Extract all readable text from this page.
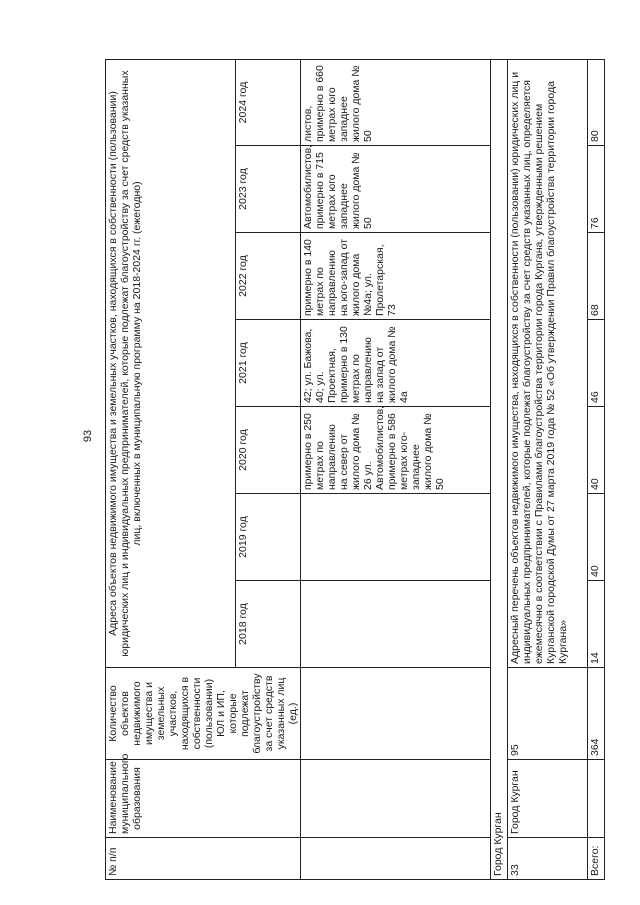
93
№ п/п	Наименование муниципального образования	Количество объектов недвижимого имущества и земельных участков, находящихся в собственности (пользовании) ЮЛ и ИП, которые подлежат благоустройству за счет средств указанных лиц (ед.)	Адреса объектов недвижимого имущества и земельных участков, находящихся в собственности (пользовании) юридических лиц и индивидуальных предпринимателей, которые подлежат благоустройству за счет средств указанных лиц, включенных в муниципальную программу на 2018-2024 гг. (ежегодно)						
			2018 год	2019 год	2020 год	2021 год	2022 год	2023 год	2024 год
					примерно в 250 метрах по направлению на север от жилого дома № 26 ул. Автомобилистов, примерно в 586 метрах юго-западнее жилого дома № 50	42; ул. Бажова, 40; ул. Проектная, примерно в 130 метрах по направлению на запад от жилого дома № 4а	примерно в 140 метрах по направлению на юго-запад от жилого дома №4а; ул. Пролетарская, 73	Автомобилистов, примерно в 715 метрах юго западнее жилого дома № 50	листов, примерно в 660 метрах юго западнее жилого дома № 50
Город Курган									
33	Город Курган	95	Адресный перечень объектов недвижимого имущества, находящихся в собственности (пользовании) юридических лиц и индивидуальных предпринимателей, которые подлежат благоустройству за счет средств указанных лиц, определяется ежемесячно в соответствии с Правилами благоустройства территории города Кургана, утвержденными решением Курганской городской Думы от 27 марта 2019 года № 52 «Об утверждении Правил благоустройства территории города Кургана»						
Всего:		364	14	40	40	46	68	76	80
